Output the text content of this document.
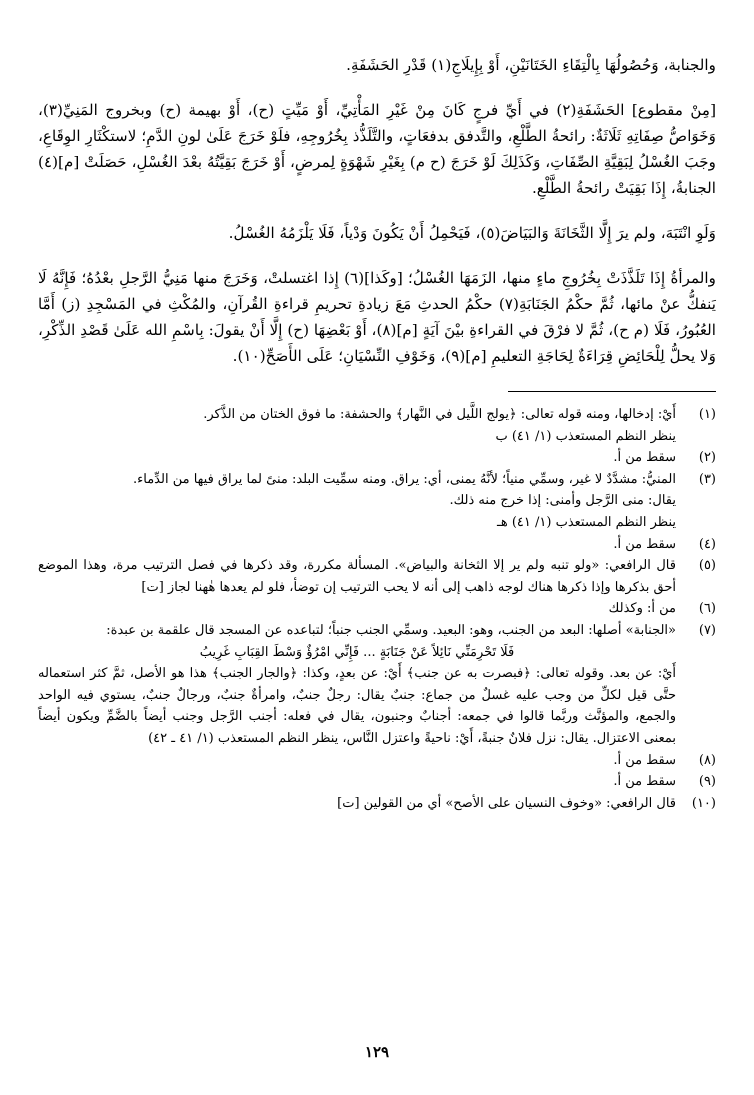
والجنابة، وَحُصُولُهَا بِالْتِقَاءِ الخَتَانَيْنِ، أَوْ بِإِيلَاجِ(١) قَدْرِ الحَشَفَةِ.

[مِنْ مقطوع] الحَشَفَةِ(٢) في أَيِّ فرجٍ كَانَ مِنْ غَيْرِ المَأْتِيِّ، أَوْ مَيِّتٍ (ح)، أَوْ بهيمة (ح) وبخروج المَنِيِّ(٣)، وَخَوَاصُّ صِفَاتِهِ ثَلَاثَةٌ: رائحةُ الطَّلْعِ، والتَّدفق بدفعَاتٍ، والتَّلَذُّذ بِخُرُوجِهِ، فلَوْ خَرَجَ عَلَىٰ لونِ الدَّمِ؛ لاستكْثَارِ الوِقَاعِ، وجَبَ الغُسْلُ لِبَقِيَّةِ الصِّفَاتِ، وَكَذَلِكَ لَوْ خَرَجَ (ح م) بِغَيْرِ شَهْوَةٍ لِمرضٍ، أَوْ خَرَجَ بَقِيَّتُهُ بعْدَ الغُسْلِ، حَصَلَتْ [م](٤) الجنابةُ، إِذَا بَقِيَتْ رائحةُ الطَّلْعِ.

وَلَوِ انْتَبَهَ، ولم يرَ إِلَّا الثَّخَانَةَ وَالبَيَاضَ(٥)، فَيَحْمِلُ أَنْ يَكُونَ وَدْياً، فَلَا يَلْزَمُهُ الغُسْلُ.

والمرأةُ إِذَا تَلَذَّذَتْ بِخُرُوجِ ماءٍ منها، الزَمَهَا الغُسْلُ؛ [وكَذا](٦) إِذا اغتسلتْ، وَخَرَجَ منها مَنِيُّ الرَّجلِ بعْدُهُ؛ فَإِنَّهُ لَا يَنفكُّ عنْ مائها، ثُمَّ حكْمُ الجَنَابَةِ(٧) حكْمُ الحدثِ مَعَ زيادةِ تحريمِ قراءةِ القُرآنِ، والمُكْثِ في المَسْجِدِ (ز) أَمَّا العُبُورُ، فَلَا (م ح)، ثُمَّ لا فرْقَ في القراءةِ بيْنَ آيَةٍ [م](٨)، أَوْ بَعْضِهَا (ح) إِلَّا أَنْ يقولَ: بِاسْمِ الله عَلَىٰ قَصْدِ الذِّكْرِ، وَلا يحلُّ لِلْحَائِضِ قِرَاءَةٌ لِحَاجَةِ التعليمِ [م](٩)، وَخَوْفِ النِّسْيَانِ؛ عَلَى الأَصَحِّ(١٠).

(١)
أَيْ: إدخالها، ومنه قوله تعالى: ﴿يولج اللَّيل في النَّهار﴾ والحشفة: ما فوق الختان من الذَّكر.
ينظر النظم المستعذب (١/ ٤١) ب
(٢)
سقط من أ.
(٣)
المنيُّ: مشدَّدٌ لا غير، وسمِّي منياً؛ لأنَّهُ يمنى، أي: يراق. ومنه سمِّيت البلد: منىً لما يراق فيها من الدِّماء.
يقال: منى الرَّجل وأمنى: إذا خرج منه ذلك.
ينظر النظم المستعذب (١/ ٤١) هـ
(٤)
سقط من أ.
(٥)
قال الرافعي: «ولو تنبه ولم ير إلا الثخانة والبياض». المسألة مكررة، وقد ذكرها في فصل الترتيب مرة، وهذا الموضع أحق بذكرها وإذا ذكرها هناك لوجه ذاهب إلى أنه لا يحب الترتيب إن توضأ، فلو لم يعدها هٰهنا لجاز [ت]
(٦)
من أ: وكذلك
(٧)
«الجنابة» أصلها: البعد من الجنب، وهو: البعيد. وسمِّي الجنب جنباً؛ لتباعده عن المسجد قال علقمة بن عبدة:
فَلَا تَحْرِمَنِّي نَائِلاً عَنْ جَنَابَةٍ ... فَإِنِّي امْرُؤٌ وَسْطَ القِبَابِ غَرِيبُ
أَيْ: عن بعد. وقوله تعالى: ﴿فبصرت به عن جنب﴾ أَيْ: عن بعدٍ، وكذا: ﴿والجار الجنب﴾ هذا هو الأصل، ثمَّ كثر استعماله حتَّى قيل لكلِّ من وجب عليه غسلٌ من جماع: جنبٌ يقال: رجلٌ جنبٌ، وامرأةٌ جنبٌ، ورجالٌ جنبٌ، يستوي فيه الواحد والجمع، والمؤنَّث وربَّما قالوا في جمعه: أجنابٌ وجنبون، يقال في فعله: أجنب الرَّجل وجنب أيضاً بالضَّمِّ ويكون أيضاً بمعنى الاعتزال. يقال: نزل فلانٌ جنبةً، أَيْ: ناحيةً واعتزل النَّاس، ينظر النظم المستعذب (١/ ٤١ ـ ٤٢)
(٨)
سقط من أ.
(٩)
سقط من أ.
(١٠)
قال الرافعي: «وخوف النسيان على الأصح» أي من القولين [ت]
١٢٩
